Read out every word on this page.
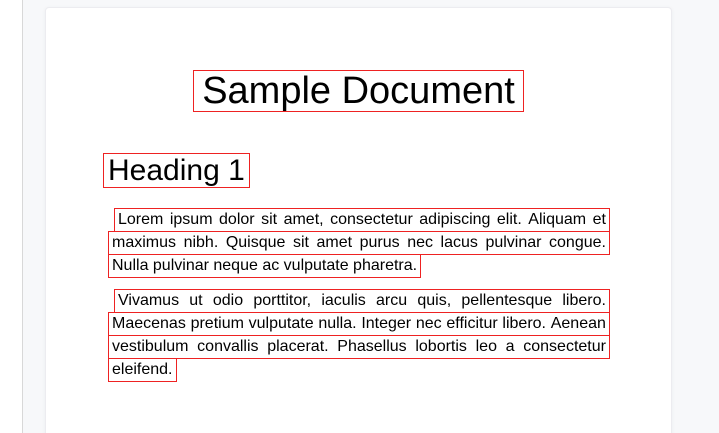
Sample Document
Heading 1
Lorem ipsum dolor sit amet, consectetur adipiscing elit. Aliquam et
maximus nibh. Quisque sit amet purus nec lacus pulvinar congue.
Nulla pulvinar neque ac vulputate pharetra.
Vivamus ut odio porttitor, iaculis arcu quis, pellentesque libero.
Maecenas pretium vulputate nulla. Integer nec efficitur libero. Aenean
vestibulum convallis placerat. Phasellus lobortis leo a consectetur
eleifend.
